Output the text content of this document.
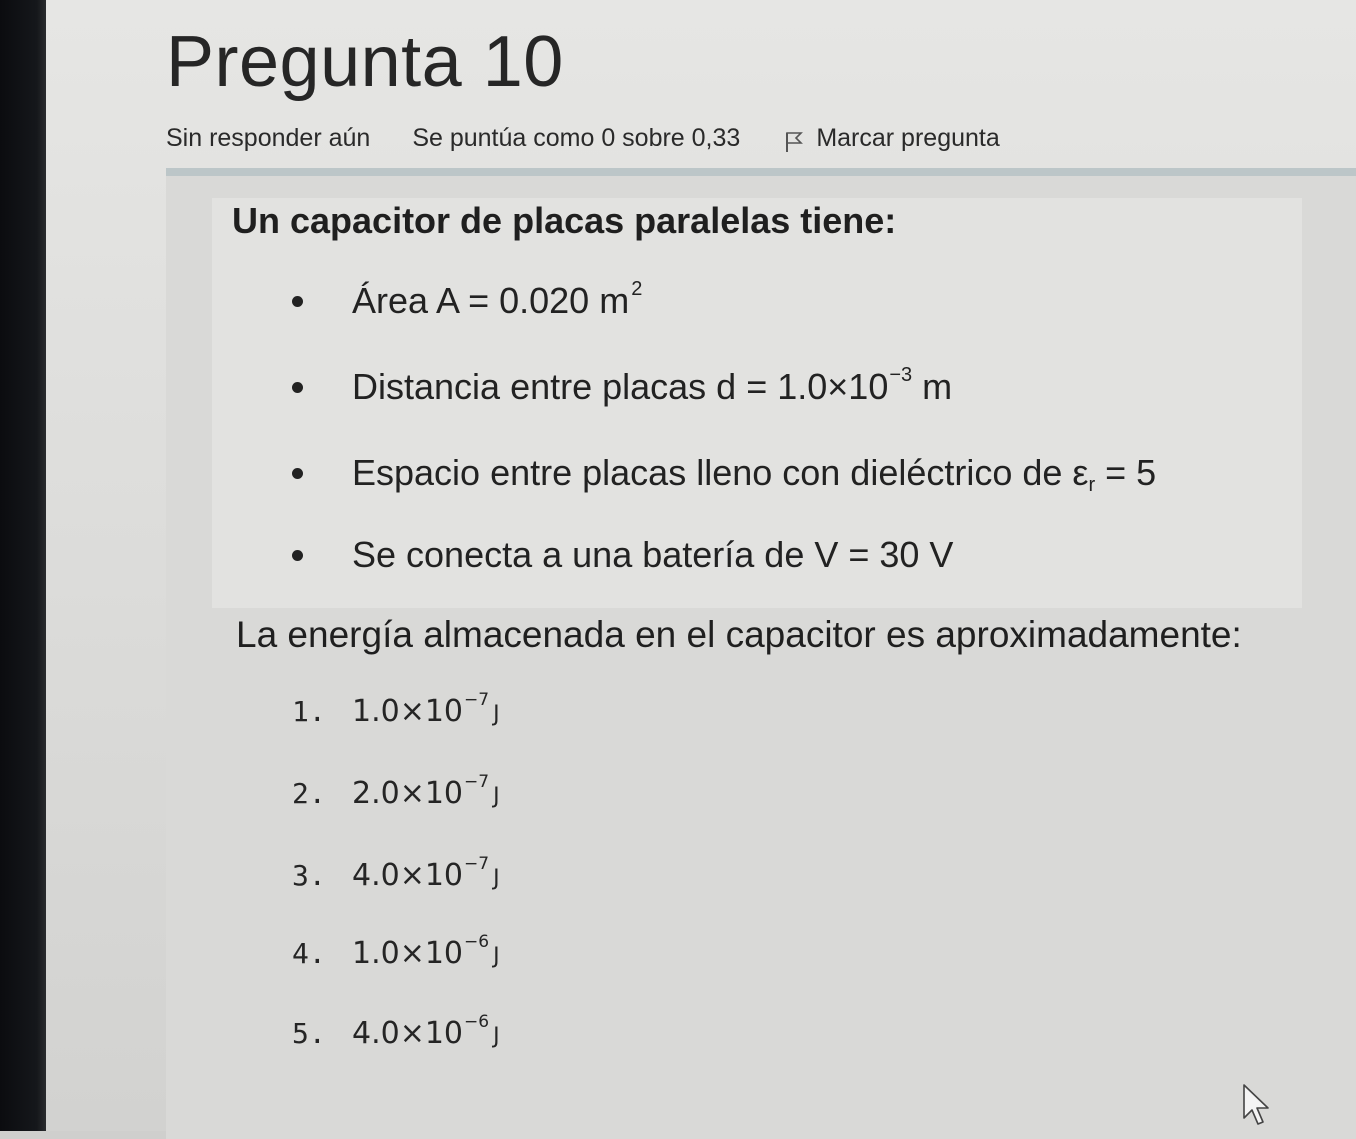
Pregunta 10
Sin responder aún Se puntúa como 0 sobre 0,33	Marcar pregunta

Un capacitor de placas paralelas tiene:

Área A = 0.020 m $^2$
Distancia entre placas $d = 1.0\times 10^{-3}$ m
Espacio entre placas lleno con dieléctrico de εr = 5
Se conecta a una batería de V = 30 V

La energía almacenada en el capacitor es aproximadamente:

1. $1.0\times 10^{-7}J$
2. $2.0\times 10^{-7}J$
3. $4.0\times 10^{-7}J$
4. $1.0\times 10^{-6}J$
5. $4.0\times 10^{-6}J$
